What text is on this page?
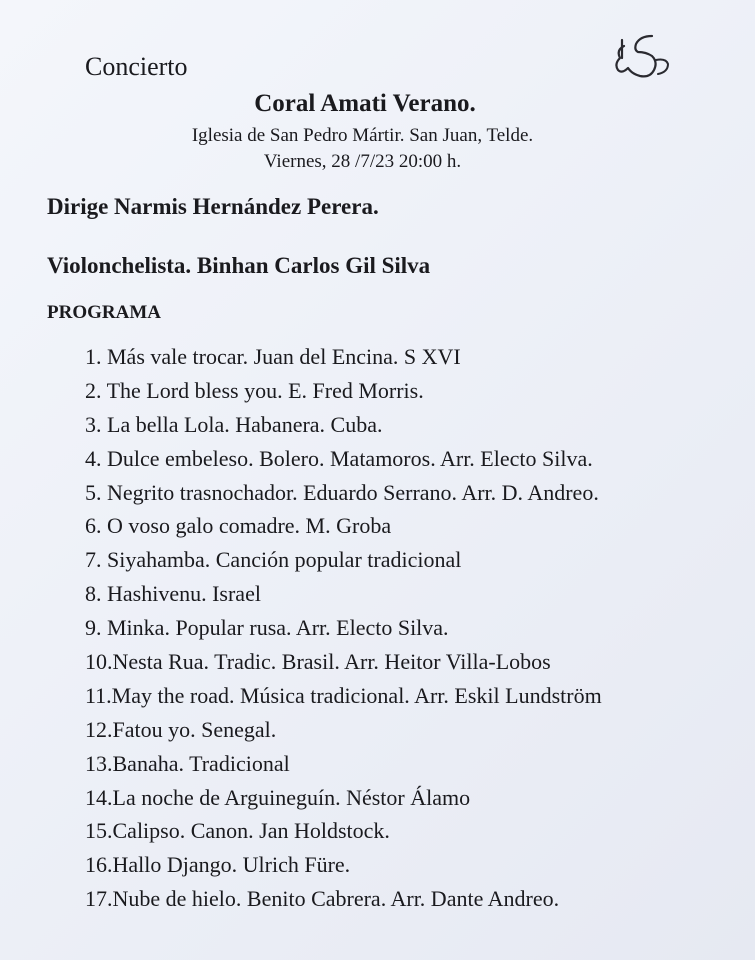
Concierto
Coral Amati Verano.
Iglesia de San Pedro Mártir. San Juan, Telde.
Viernes, 28 /7/23 20:00 h.
Dirige Narmis Hernández Perera.
Violonchelista. Binhan Carlos Gil Silva
PROGRAMA
1. Más vale trocar. Juan del Encina. S XVI
2. The Lord bless you. E. Fred Morris.
3. La bella Lola. Habanera. Cuba.
4. Dulce embeleso. Bolero. Matamoros. Arr. Electo Silva.
5. Negrito trasnochador. Eduardo Serrano. Arr. D. Andreo.
6. O voso galo comadre. M. Groba
7. Siyahamba. Canción popular tradicional
8. Hashivenu. Israel
9. Minka. Popular rusa. Arr. Electo Silva.
10.Nesta Rua. Tradic. Brasil. Arr. Heitor Villa-Lobos
11.May the road. Música tradicional. Arr. Eskil Lundström
12.Fatou yo. Senegal.
13.Banaha. Tradicional
14.La noche de Arguineguín. Néstor Álamo
15.Calipso. Canon. Jan Holdstock.
16.Hallo Django. Ulrich Füre.
17.Nube de hielo. Benito Cabrera. Arr. Dante Andreo.
